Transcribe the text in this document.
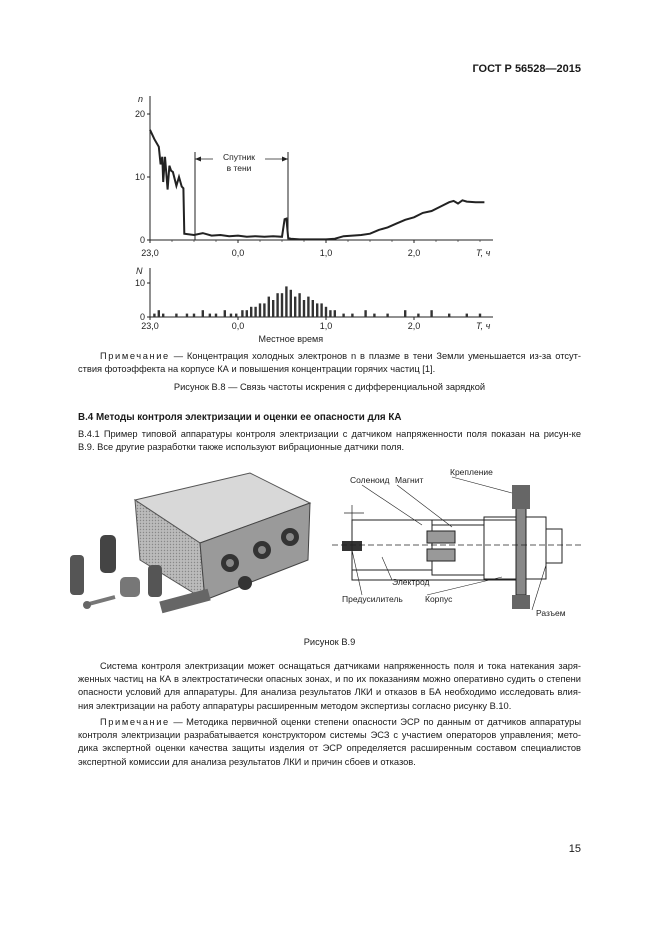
ГОСТ Р 56528—2015
n
0
10
20
23,0	0,0	1,0	2,0	T, ч
Спутник
в тени
N
0
10
23,0	0,0	1,0	2,0	T, ч
Местное время
Примечание — Концентрация холодных электронов n в плазме в тени Земли уменьшается из-за отсут-ствия фотоэффекта на корпусе КА и повышения концентрации горячих частиц [1].
Рисунок В.8 — Связь частоты искрения с дифференциальной зарядкой
В.4 Методы контроля электризации и оценки ее опасности для КА
В.4.1 Пример типовой аппаратуры контроля электризации с датчиком напряженности поля показан на рисун-ке В.9. Все другие разработки также используют вибрационные датчики поля.
Крепление
Соленоид Магнит
Электрод
Предусилитель	Корпус
Разъем
Рисунок В.9
Система контроля электризации может оснащаться датчиками напряженность поля и тока натекания заря-женных частиц на КА в электростатически опасных зонах, и по их показаниям можно оперативно судить о степени опасности условий для аппаратуры. Для анализа результатов ЛКИ и отказов в БА необходимо исследовать влия-ния электризации на работу аппаратуры расширенным методом экспертизы согласно рисунку В.10.
Примечание — Методика первичной оценки степени опасности ЭСР по данным от датчиков аппаратуры контроля электризации разрабатывается конструктором системы ЭСЗ с участием операторов управления; мето-дика экспертной оценки качества защиты изделия от ЭСР определяется расширенным составом специалистов экспертной комиссии для анализа результатов ЛКИ и причин сбоев и отказов.
15
